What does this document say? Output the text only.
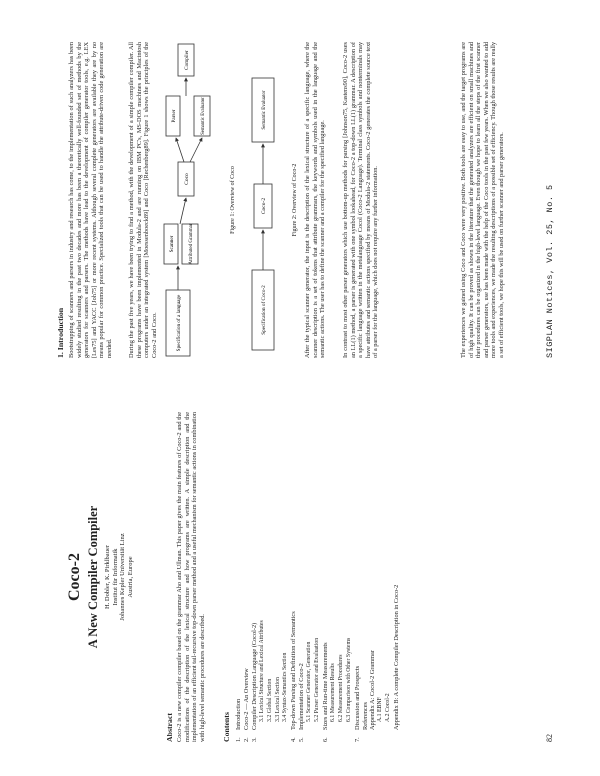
Coco-2 A New Compiler Compiler H. Dobler, K. Pirklbauer Institut für Informatik Johannes Kepler Universität Linz Austria, Europe
Abstract Coco-2 is a new compiler compiler based on the grammar Aho and Ullman. This paper gives the main features of Coco-2 and the modifications of the description of the lexical structure and how programs are written. A simple description and the implementation of an efficient tail-recursive top-down parser method and a useful mechanism for semantic actions in combination with high-level semantic procedures are described. Contents 1.Introduction
2.Coco-2 — An Overview
3.Compiler Description Language (Cocol-2) 3.1 Lexical Structure and Lexical Attributes 3.2 Global Section 3.3 Lexical Section 3.4 Syntax-Semantics Section
4.Top-down Parsing and Definition of Semantics
5.Implementation of Coco-2 5.1 Scanner Generator, Generation 5.2 Parser Generator and Evaluation
6.Sizes and Run-time Measurements 6.1 Measurement Results 6.2 Measurement Procedures 6.3 Comparison with Other Systems
7.Discussion and Prospects References Appendix A: Cocol-2 Grammar A.1 EBNF A.2 Cocol-2 Appendix B: A complete Compiler Description in Coco-2
1. Introduction Bootstrapping of scanners and parsers in industry and research has come, to the implementation of such analyzers has been widely studied resulting in the past two decades and more has been a theoretically well-founded set of methods by the generators for scanners and parsers. The methods have lead to the development of compiler generator tools, e.g. LEX [Les75] and YACC [Joh75] or more recent systems. Although several complete generators are available they are by no means popular for common practice. Specialized tools that can be used to handle the attribute-driven code generation are needed. During the past five years, we have been trying to find a method, with the development of a simple compiler compiler. All these programs have been implemented in Modula-2 and are running on IBM PC's, MS-DOS machines and Macintosh computers under an integrated system [Moessenboeck89] and Coco [Rechenberg89]. Figure 1 shows the principles of the Coco-2 and Coco.	Specification of a language
Scanner	Attributed Grammar
Coco
Parser	Semantic Evaluator
Compiler
Figure 1: Overview of Coco
Specification of Coco-2
Coco-2
Semantic Evaluator
Figure 2: Overview of Coco-2 After the typical scanner generator, the input is the description of the lexical structure of a specific language, where the scanner description is a set of tokens that attribute grammars, the keywords and symbols used in the language and the semantic actions. The user has to define the scanner and a compiler for the specified language.	In contrast to most other parser generators which use bottom-up methods for parsing [Johnson75, Kastens90], Coco-2 uses an LL(1) method, a parser is generated with one symbol lookahead, for Coco-2 a top-down LL(1) grammar. A description of a specific language written in the metalanguage Cocol (Coco-2 Language). Terminal class symbols and nonterminals may have attributes and semantic actions specified by means of Modula-2 statements. Coco-2 generates the complete source text of a parser for the language, which does not require any further information.	The experiences we gained using Coco and Coco were very positive. Both tools are easy to use, and the target programs are of high quality. It can be proved as shown in the literature that the generated analyzers are efficient on small machines and their procedures can be organized in the high-level language. Even though we hope to learn all the steps of the first scanner and parser generators, use has been made with the help of the Coco tools in the past few years. When we also wanted to add more tools and experiences, we made the resulting descriptions of a possible set of efficiency. Though those results are really a set of efficient tools, we hope this will be used on further scanner and parser generators.

82
SIGPLAN Notices, Vol. 25, No. 5
